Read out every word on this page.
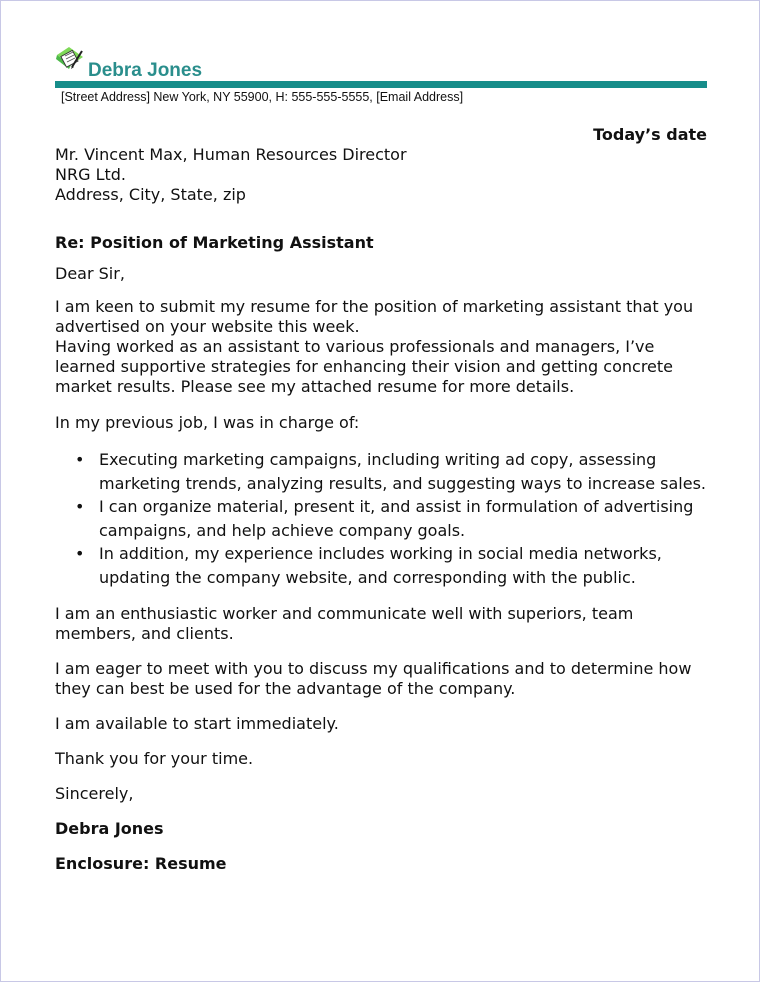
Debra Jones
[Street Address] New York, NY 55900, H: 555-555-5555, [Email Address]

Today’s date

Mr. Vincent Max, Human Resources Director
NRG Ltd.
Address, City, State, zip

Re: Position of Marketing Assistant

Dear Sir,

I am keen to submit my resume for the position of marketing assistant that you advertised on your website this week.

Having worked as an assistant to various professionals and managers, I’ve learned supportive strategies for enhancing their vision and getting concrete market results. Please see my attached resume for more details.

In my previous job, I was in charge of:

• Executing marketing campaigns, including writing ad copy, assessing marketing trends, analyzing results, and suggesting ways to increase sales.
• I can organize material, present it, and assist in formulation of advertising campaigns, and help achieve company goals.
• In addition, my experience includes working in social media networks, updating the company website, and corresponding with the public.

I am an enthusiastic worker and communicate well with superiors, team members, and clients.

I am eager to meet with you to discuss my qualifications and to determine how they can best be used for the advantage of the company.

I am available to start immediately.

Thank you for your time.

Sincerely,

Debra Jones

Enclosure: Resume
